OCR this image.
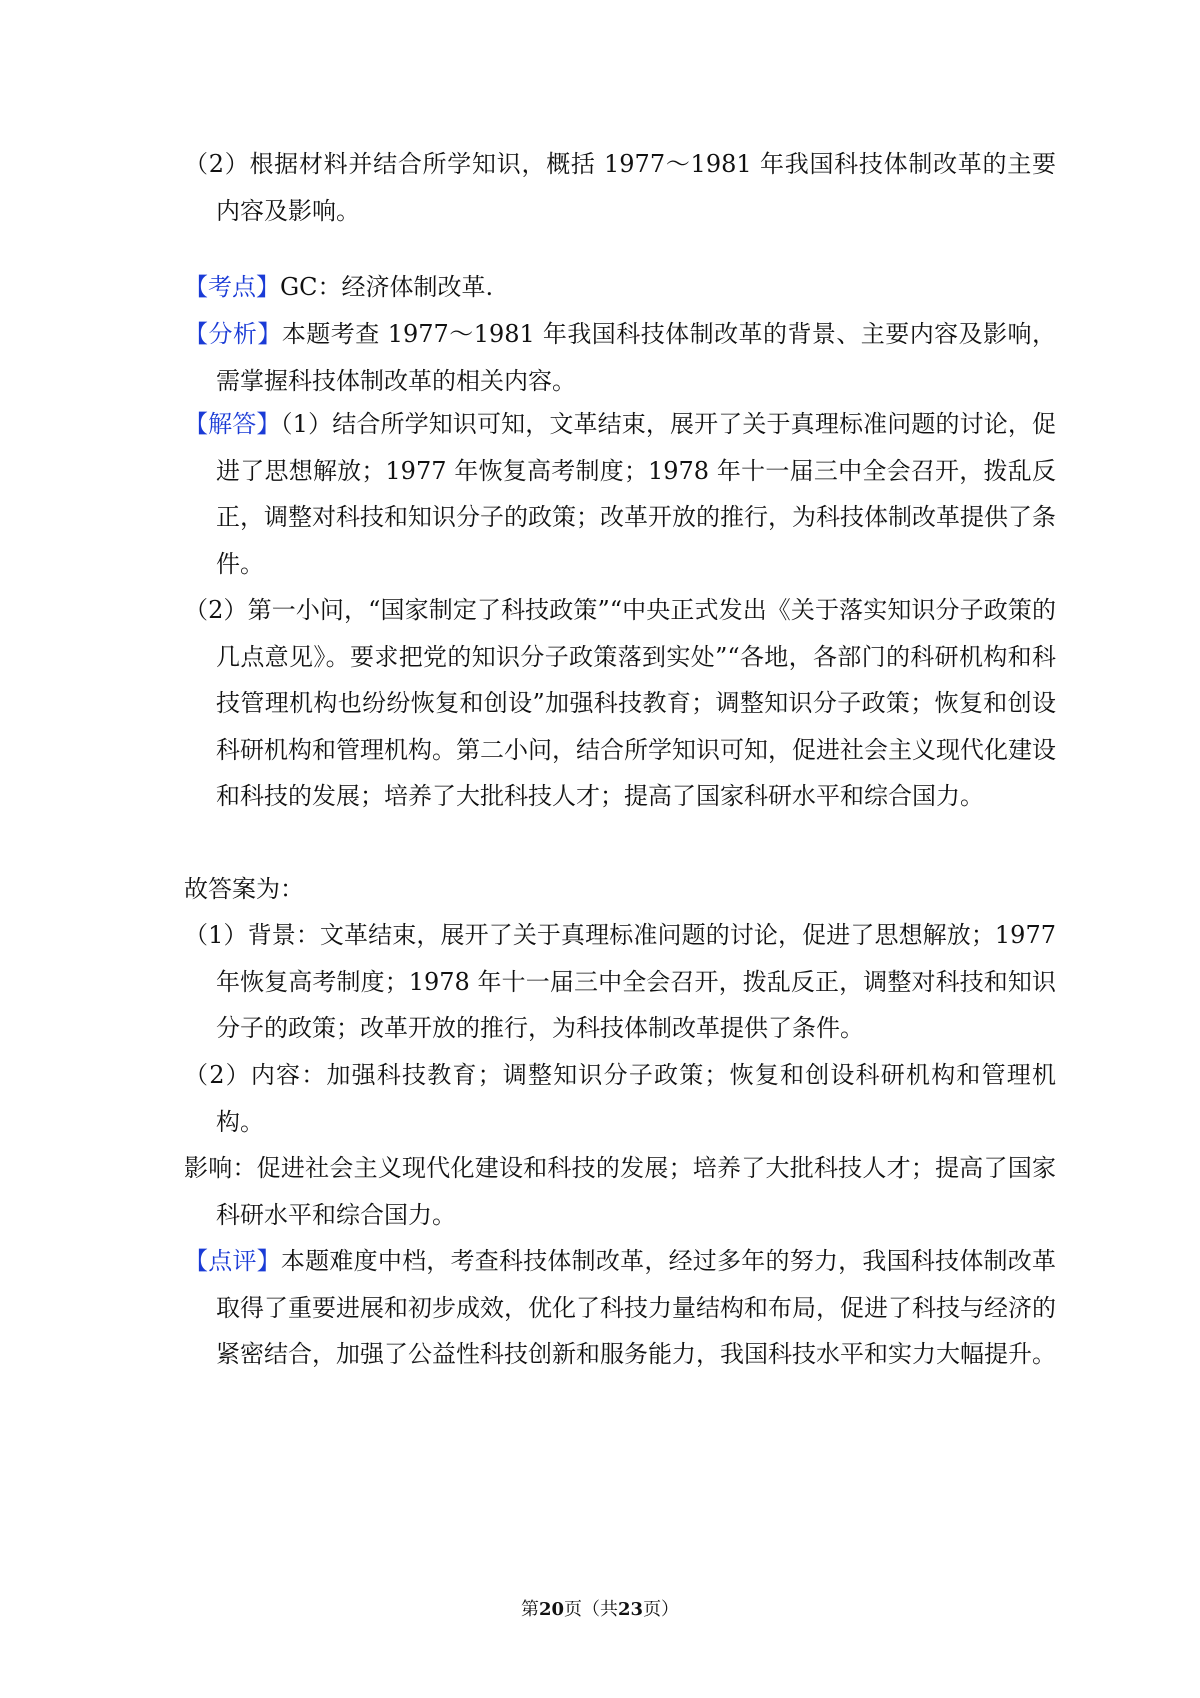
（2）根据材料并结合所学知识，概括 1977～1981 年我国科技体制改革的主要内容及影响。

【考点】GC：经济体制改革.

【分析】本题考查 1977～1981 年我国科技体制改革的背景、主要内容及影响，需掌握科技体制改革的相关内容。

【解答】（1）结合所学知识可知，文革结束，展开了关于真理标准问题的讨论，促进了思想解放；1977 年恢复高考制度；1978 年十一届三中全会召开，拨乱反正，调整对科技和知识分子的政策；改革开放的推行，为科技体制改革提供了条件。

（2）第一小问，“国家制定了科技政策”“中央正式发出《关于落实知识分子政策的几点意见》。要求把党的知识分子政策落到实处”“各地，各部门的科研机构和科技管理机构也纷纷恢复和创设”加强科技教育；调整知识分子政策；恢复和创设科研机构和管理机构。第二小问，结合所学知识可知，促进社会主义现代化建设和科技的发展；培养了大批科技人才；提高了国家科研水平和综合国力。

故答案为：

（1）背景：文革结束，展开了关于真理标准问题的讨论，促进了思想解放；1977 年恢复高考制度；1978 年十一届三中全会召开，拨乱反正，调整对科技和知识分子的政策；改革开放的推行，为科技体制改革提供了条件。

（2）内容：加强科技教育；调整知识分子政策；恢复和创设科研机构和管理机构。

影响：促进社会主义现代化建设和科技的发展；培养了大批科技人才；提高了国家科研水平和综合国力。

【点评】本题难度中档，考查科技体制改革，经过多年的努力，我国科技体制改革取得了重要进展和初步成效，优化了科技力量结构和布局，促进了科技与经济的紧密结合，加强了公益性科技创新和服务能力，我国科技水平和实力大幅提升。

第20页（共23页）
